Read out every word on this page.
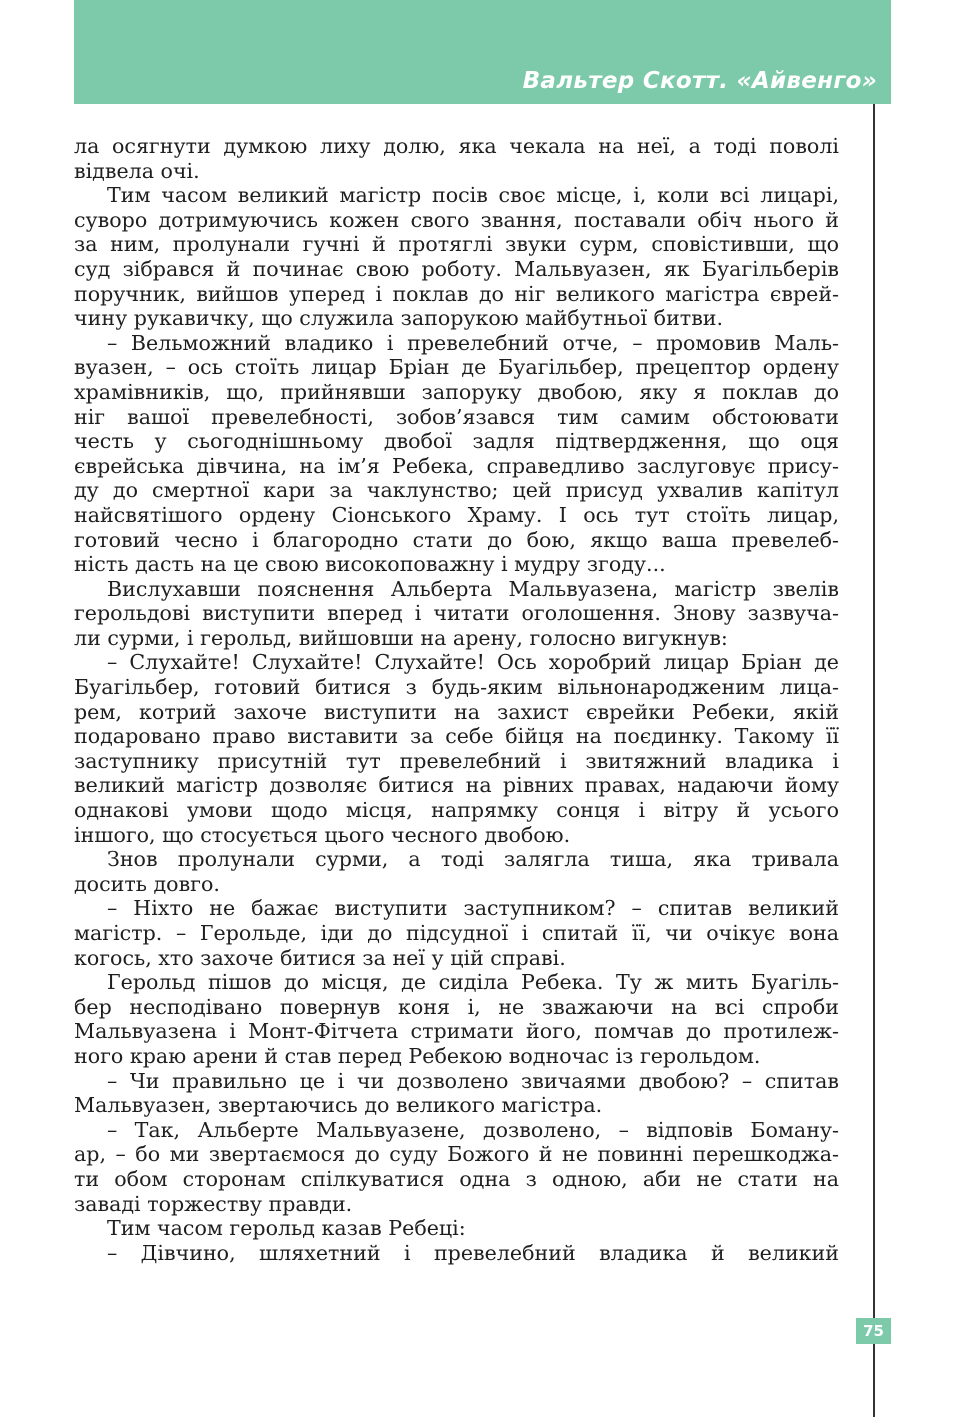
Вальтер Скотт. «Айвенго»
ла осягнути думкою лиху долю, яка чекала на неї, а тоді поволі
відвела очі.
Тим часом великий магістр посів своє місце, і, коли всі лицарі,
суворо дотримуючись кожен свого звання, поставали обіч нього й
за ним, пролунали гучні й протяглі звуки сурм, сповістивши, що
суд зібрався й починає свою роботу. Мальвуазен, як Буагільберів
поручник, вийшов уперед і поклав до ніг великого магістра єврей-
чину рукавичку, що служила запорукою майбутньої битви.
– Вельможний владико і превелебний отче, – промовив Маль-
вуазен, – ось стоїть лицар Бріан де Буагільбер, прецептор ордену
храмівників, що, прийнявши запоруку двобою, яку я поклав до
ніг вашої превелебності, зобов’язався тим самим обстоювати
честь у сьогоднішньому двобої задля підтвердження, що оця
єврейська дівчина, на ім’я Ребека, справедливо заслуговує прису-
ду до смертної кари за чаклунство; цей присуд ухвалив капітул
найсвятішого ордену Сіонського Храму. І ось тут стоїть лицар,
готовий чесно і благородно стати до бою, якщо ваша превелеб-
ність дасть на це свою високоповажну і мудру згоду...
Вислухавши пояснення Альберта Мальвуазена, магістр звелів
герольдові виступити вперед і читати оголошення. Знову зазвуча-
ли сурми, і герольд, вийшовши на арену, голосно вигукнув:
– Слухайте! Слухайте! Слухайте! Ось хоробрий лицар Бріан де
Буагільбер, готовий битися з будь-яким вільнонародженим лица-
рем, котрий захоче виступити на захист єврейки Ребеки, якій
подаровано право виставити за себе бійця на поєдинку. Такому її
заступнику присутній тут превелебний і звитяжний владика і
великий магістр дозволяє битися на рівних правах, надаючи йому
однакові умови щодо місця, напрямку сонця і вітру й усього
іншого, що стосується цього чесного двобою.
Знов пролунали сурми, а тоді залягла тиша, яка тривала
досить довго.
– Ніхто не бажає виступити заступником? – спитав великий
магістр. – Герольде, іди до підсудної і спитай її, чи очікує вона
когось, хто захоче битися за неї у цій справі.
Герольд пішов до місця, де сиділа Ребека. Ту ж мить Буагіль-
бер несподівано повернув коня і, не зважаючи на всі спроби
Мальвуазена і Монт-Фітчета стримати його, помчав до протилеж-
ного краю арени й став перед Ребекою водночас із герольдом.
– Чи правильно це і чи дозволено звичаями двобою? – спитав
Мальвуазен, звертаючись до великого магістра.
– Так, Альберте Мальвуазене, дозволено, – відповів Боману-
ар, – бо ми звертаємося до суду Божого й не повинні перешкоджа-
ти обом сторонам спілкуватися одна з одною, аби не стати на
заваді торжеству правди.
Тим часом герольд казав Ребеці:
– Дівчино, шляхетний і превелебний владика й великий
75
